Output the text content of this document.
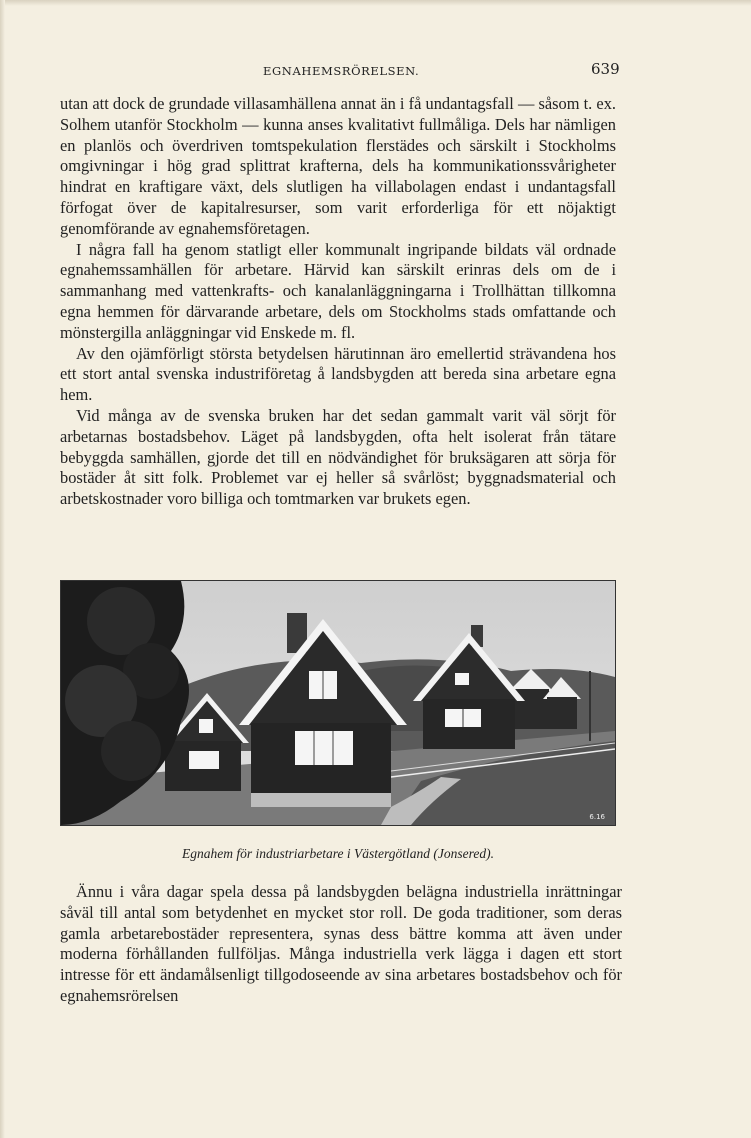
EGNAHEMSRÖRELSEN.	639

utan att dock de grundade villasamhällena annat än i få undantagsfall — såsom t. ex. Solhem utanför Stockholm — kunna anses kvalitativt fullmåliga. Dels har nämligen en planlös och överdriven tomtspekulation flerstädes och särskilt i Stockholms omgivningar i hög grad splittrat krafterna, dels ha kommunikationssvårigheter hindrat en kraftigare växt, dels slutligen ha villabolagen endast i undantagsfall förfogat över de kapitalresurser, som varit erforderliga för ett nöjaktigt genomförande av egnahemsföretagen.

I några fall ha genom statligt eller kommunalt ingripande bildats väl ordnade egnahemssamhällen för arbetare. Härvid kan särskilt erinras dels om de i sammanhang med vattenkrafts- och kanalanläggningarna i Trollhättan tillkomna egna hemmen för därvarande arbetare, dels om Stockholms stads omfattande och mönstergilla anläggningar vid Enskede m. fl.

Av den ojämförligt största betydelsen härutinnan äro emellertid strävandena hos ett stort antal svenska industriföretag å landsbygden att bereda sina arbetare egna hem.

Vid många av de svenska bruken har det sedan gammalt varit väl sörjt för arbetarnas bostadsbehov. Läget på landsbygden, ofta helt isolerat från tätare bebyggda samhällen, gjorde det till en nödvändighet för bruksägaren att sörja för bostäder åt sitt folk. Problemet var ej heller så svårlöst; byggnadsmaterial och arbetskostnader voro billiga och tomtmarken var brukets egen.

6.16
Egnahem för industriarbetare i Västergötland (Jonsered).

Ännu i våra dagar spela dessa på landsbygden belägna industriella inrättningar såväl till antal som betydenhet en mycket stor roll. De goda traditioner, som deras gamla arbetarebostäder representera, synas dess bättre komma att även under moderna förhållanden fullföljas. Många industriella verk lägga i dagen ett stort intresse för ett ändamålsenligt tillgodoseende av sina arbetares bostadsbehov och för egnahemsrörelsen
